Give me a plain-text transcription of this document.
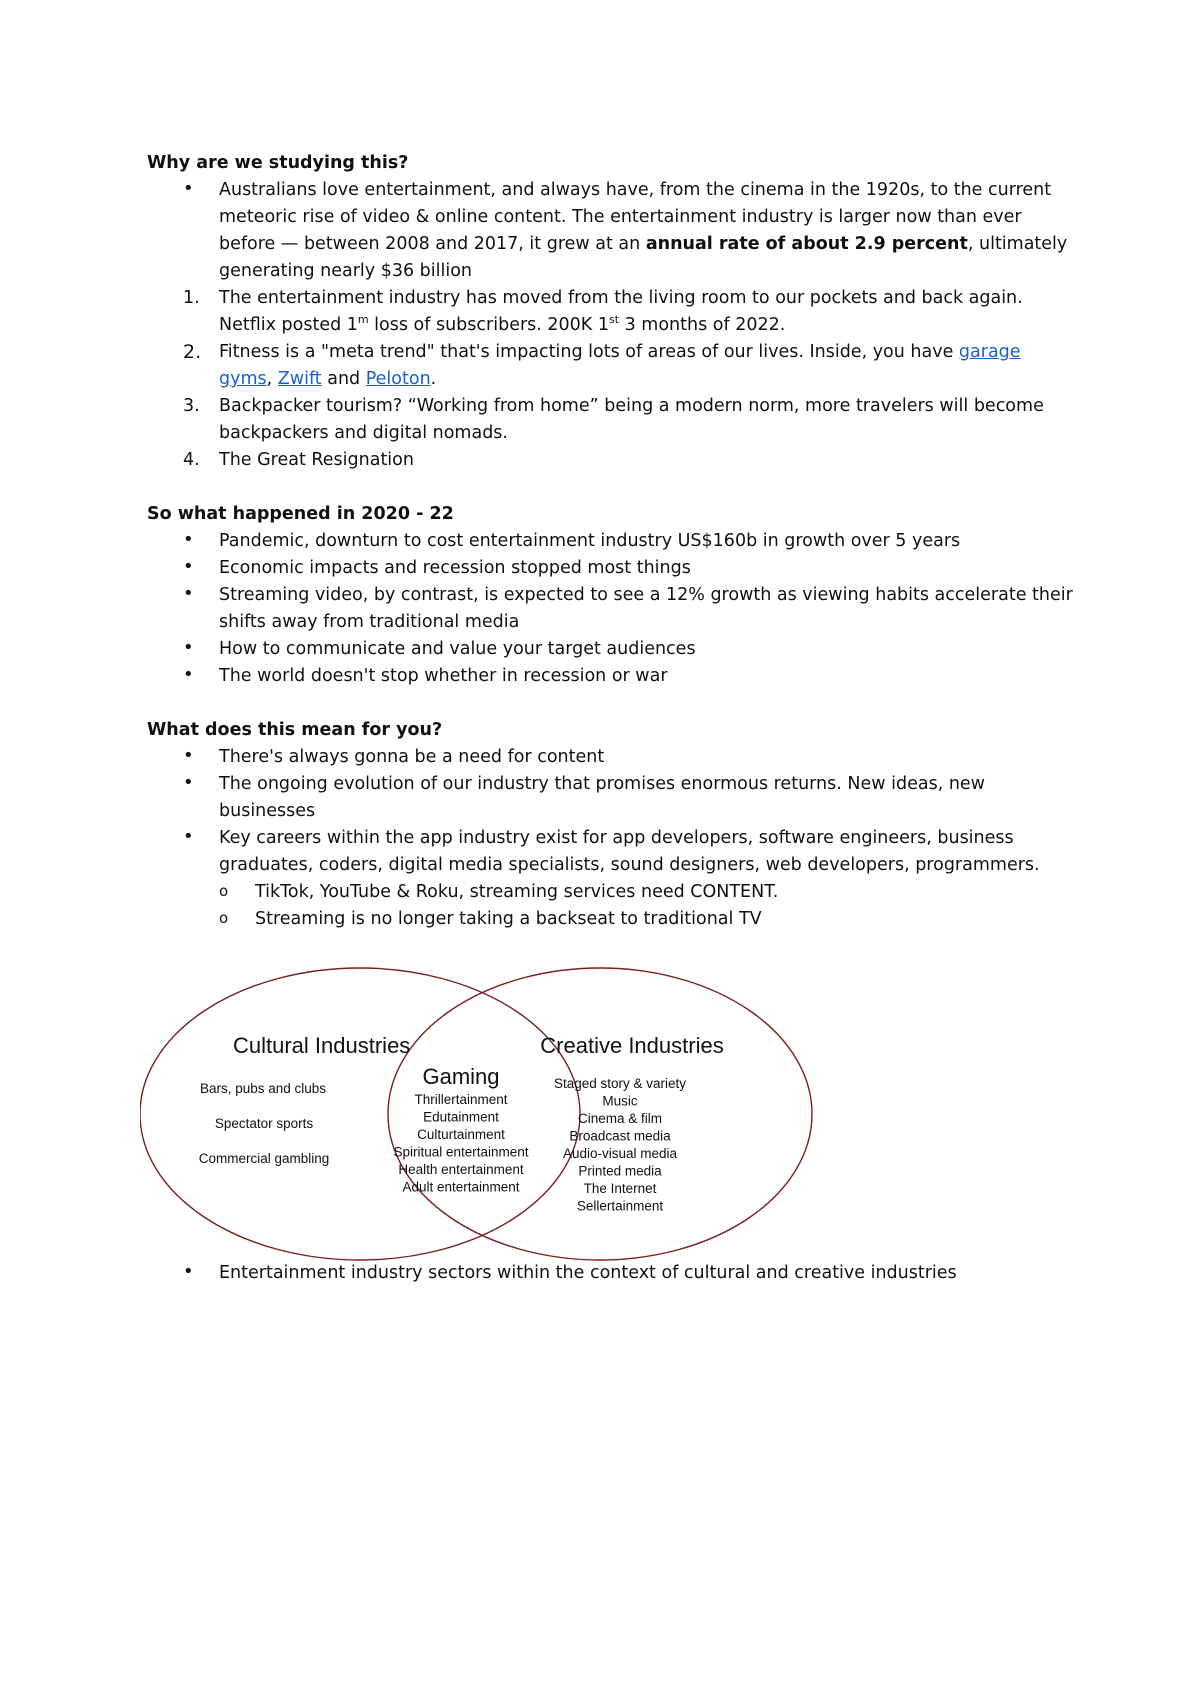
Why are we studying this?

• Australians love entertainment, and always have, from the cinema in the 1920s, to the current meteoric rise of video & online content. The entertainment industry is larger now than ever before — between 2008 and 2017, it grew at an annual rate of about 2.9 percent, ultimately generating nearly $36 billion
1. The entertainment industry has moved from the living room to our pockets and back again. Netflix posted 1$^m$ loss of subscribers. 200K 1st 3 months of 2022.
2. Fitness is a "meta trend" that's impacting lots of areas of our lives. Inside, you have garage gyms, Zwift and Peloton.
3. Backpacker tourism? “Working from home” being a modern norm, more travelers will become backpackers and digital nomads.
4. The Great Resignation

So what happened in 2020 - 22

• Pandemic, downturn to cost entertainment industry US$160b in growth over 5 years
• Economic impacts and recession stopped most things
• Streaming video, by contrast, is expected to see a 12% growth as viewing habits accelerate their shifts away from traditional media
• How to communicate and value your target audiences
• The world doesn't stop whether in recession or war

What does this mean for you?

• There's always gonna be a need for content
• The ongoing evolution of our industry that promises enormous returns. New ideas, new businesses
• Key careers within the app industry exist for app developers, software engineers, business graduates, coders, digital media specialists, sound designers, web developers, programmers.
o TikTok, YouTube & Roku, streaming services need CONTENT.
o Streaming is no longer taking a backseat to traditional TV
Cultural Industries
Bars, pubs and clubs
Spectator sports
Commercial gambling
Gaming
Thrillertainment
Edutainment
Culturtainment
Spiritual entertainment
Health entertainment
Adult entertainment
Creative Industries
Staged story & variety
Music
Cinema & film
Broadcast media
Audio-visual media
Printed media
The Internet
Sellertainment
• Entertainment industry sectors within the context of cultural and creative industries
